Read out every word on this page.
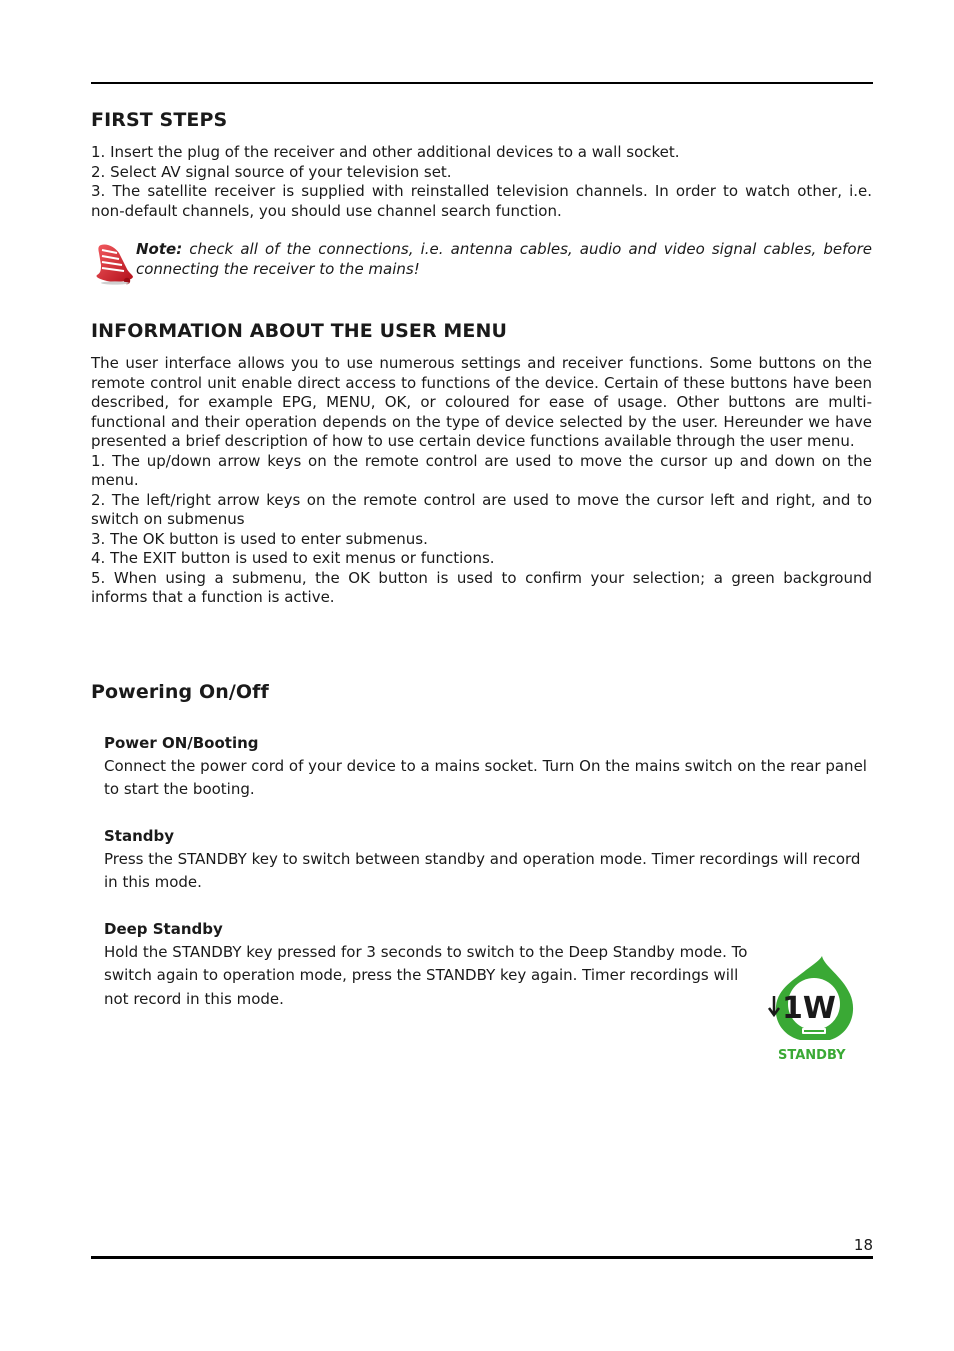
FIRST STEPS

1. Insert the plug of the receiver and other additional devices to a wall socket.

2. Select AV signal source of your television set.

3. The satellite receiver is supplied with reinstalled television channels. In order to watch other, i.e. non-default channels, you should use channel search function.

Note: check all of the connections, i.e. antenna cables, audio and video signal cables, before connecting the receiver to the mains!
INFORMATION ABOUT THE USER MENU

The user interface allows you to use numerous settings and receiver functions. Some buttons on the remote control unit enable direct access to functions of the device. Certain of these buttons have been described, for example EPG, MENU, OK, or coloured for ease of usage. Other buttons are multi-functional and their operation depends on the type of device selected by the user. Hereunder we have presented a brief description of how to use certain device functions available through the user menu.

1. The up/down arrow keys on the remote control are used to move the cursor up and down on the menu.

2. The left/right arrow keys on the remote control are used to move the cursor left and right, and to switch on submenus

3. The OK button is used to enter submenus.

4. The EXIT button is used to exit menus or functions.

5. When using a submenu, the OK button is used to confirm your selection; a green background informs that a function is active.

Powering On/Off
Power ON/Booting

Connect the power cord of your device to a mains socket. Turn On the mains switch on the rear panel to start the booting.

Standby

Press the STANDBY key to switch between standby and operation mode. Timer recordings will record in this mode.

Deep Standby

Hold the STANDBY key pressed for 3 seconds to switch to the Deep Standby mode. To switch again to operation mode, press the STANDBY key again. Timer recordings will not record in this mode.	1W
STANDBY
18
